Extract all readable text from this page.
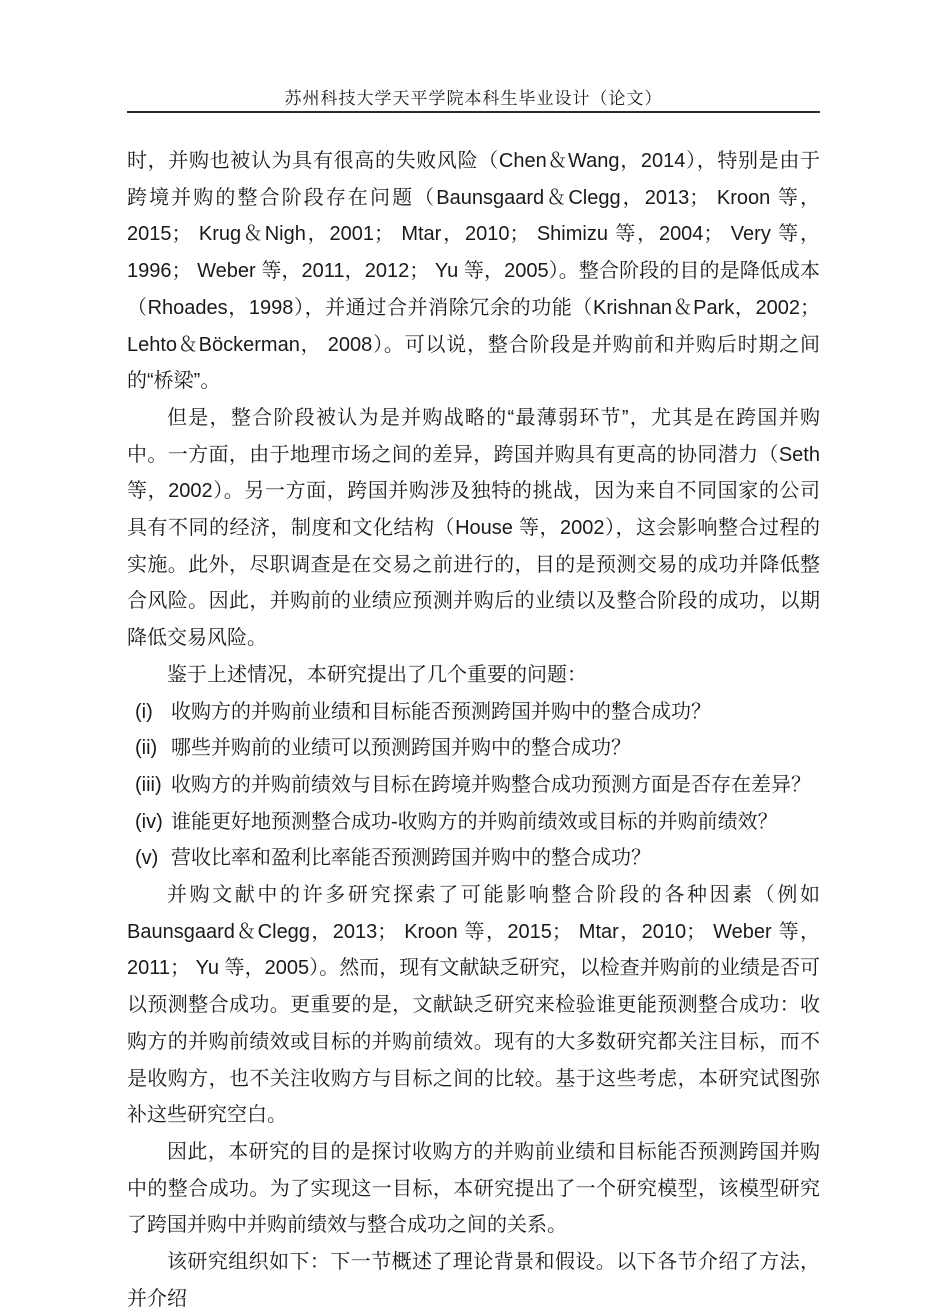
苏州科技大学天平学院本科生毕业设计（论文）

时，并购也被认为具有很高的失败风险（Chen＆Wang，2014），特别是由于跨境并购的整合阶段存在问题（Baunsgaard＆Clegg，2013； Kroon 等，2015； Krug＆Nigh，2001； Mtar，2010； Shimizu 等，2004； Very 等，1996； Weber 等，2011，2012； Yu 等，2005）。整合阶段的目的是降低成本（Rhoades，1998），并通过合并消除冗余的功能（Krishnan＆Park，2002； Lehto＆Böckerman， 2008）。可以说，整合阶段是并购前和并购后时期之间的“桥梁”。

但是，整合阶段被认为是并购战略的“最薄弱环节”，尤其是在跨国并购中。一方面，由于地理市场之间的差异，跨国并购具有更高的协同潜力（Seth 等，2002）。另一方面，跨国并购涉及独特的挑战，因为来自不同国家的公司具有不同的经济，制度和文化结构（House 等，2002），这会影响整合过程的实施。此外，尽职调查是在交易之前进行的，目的是预测交易的成功并降低整合风险。因此，并购前的业绩应预测并购后的业绩以及整合阶段的成功，以期降低交易风险。

鉴于上述情况，本研究提出了几个重要的问题：

(i) 收购方的并购前业绩和目标能否预测跨国并购中的整合成功？
(ii) 哪些并购前的业绩可以预测跨国并购中的整合成功？
(iii) 收购方的并购前绩效与目标在跨境并购整合成功预测方面是否存在差异？
(iv) 谁能更好地预测整合成功-收购方的并购前绩效或目标的并购前绩效？
(v) 营收比率和盈利比率能否预测跨国并购中的整合成功？

并购文献中的许多研究探索了可能影响整合阶段的各种因素（例如 Baunsgaard＆Clegg，2013； Kroon 等，2015； Mtar，2010； Weber 等，2011； Yu 等，2005）。然而，现有文献缺乏研究，以检查并购前的业绩是否可以预测整合成功。更重要的是，文献缺乏研究来检验谁更能预测整合成功：收购方的并购前绩效或目标的并购前绩效。现有的大多数研究都关注目标，而不是收购方，也不关注收购方与目标之间的比较。基于这些考虑，本研究试图弥补这些研究空白。

因此，本研究的目的是探讨收购方的并购前业绩和目标能否预测跨国并购中的整合成功。为了实现这一目标，本研究提出了一个研究模型，该模型研究了跨国并购中并购前绩效与整合成功之间的关系。

该研究组织如下：下一节概述了理论背景和假设。以下各节介绍了方法，并介绍
